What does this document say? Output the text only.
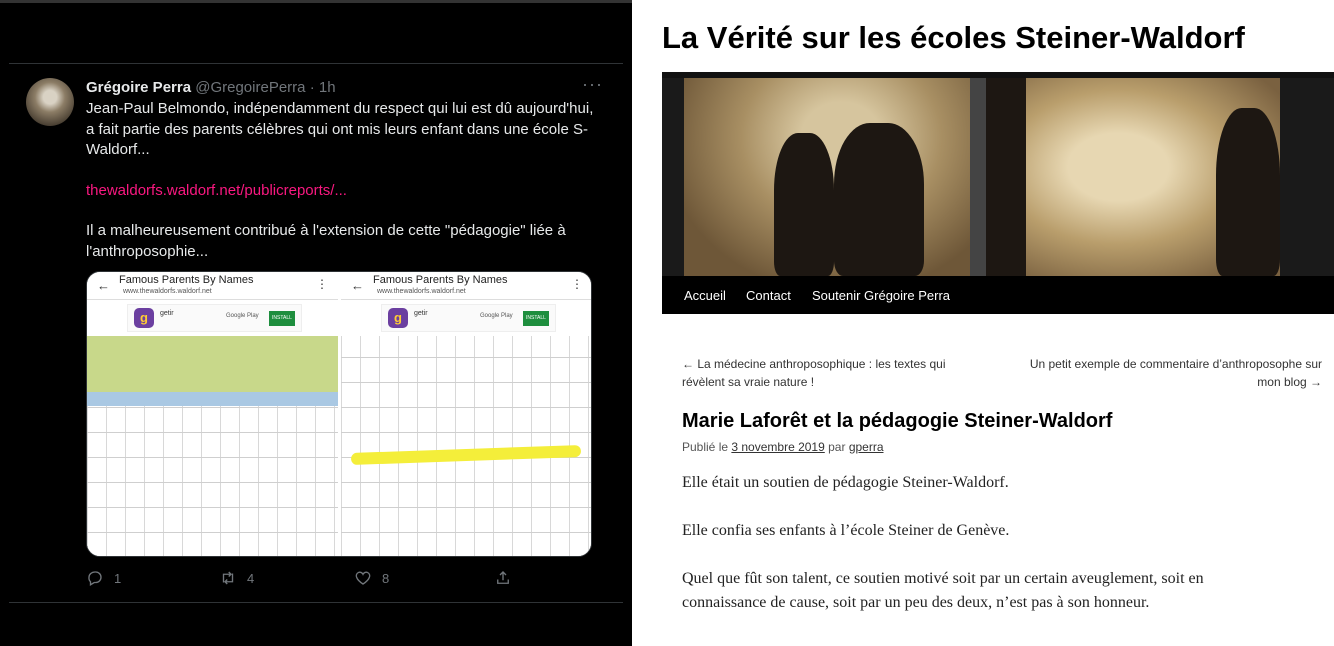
Grégoire Perra @GregoirePerra · 1h	···

Jean-Paul Belmondo, indépendamment du respect qui lui est dû aujourd'hui, a fait partie des parents célèbres qui ont mis leurs enfant dans une école S-Waldorf...

thewaldorfs.waldorf.net/publicreports/...

Il a malheureusement contribué à l'extension de cette "pédagogie" liée à l'anthroposophie...

← Famous Parents By Names
www.thewaldorfs.waldorf.net
⋮
g	getir	Google Play	INSTALL
← Famous Parents By Names
www.thewaldorfs.waldorf.net
⋮
g	getir	Google Play	INSTALL
1	4	8
La Vérité sur les écoles Steiner-Waldorf
Accueil Contact Soutenir Grégoire Perra
← La médecine anthroposophique : les textes qui révèlent sa vraie nature !
Un petit exemple de commentaire d’anthroposophe sur mon blog →
Marie Laforêt et la pédagogie Steiner-Waldorf
Publié le 3 novembre 2019 par gperra

Elle était un soutien de pédagogie Steiner-Waldorf.

Elle confia ses enfants à l’école Steiner de Genève.

Quel que fût son talent, ce soutien motivé soit par un certain aveuglement, soit en connaissance de cause, soit par un peu des deux, n’est pas à son honneur.
